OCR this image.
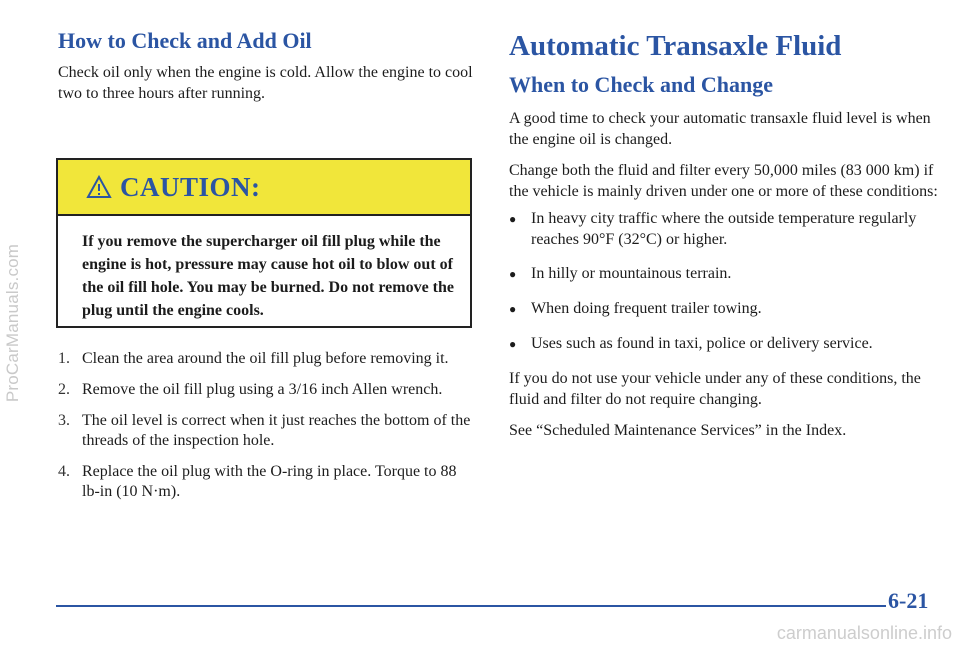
ProCarManuals.com
How to Check and Add Oil

Check oil only when the engine is cold. Allow the engine to cool two to three hours after running.

CAUTION:
If you remove the supercharger oil fill plug while the engine is hot, pressure may cause hot oil to blow out of the oil fill hole. You may be burned. Do not remove the plug until the engine cools.
1. Clean the area around the oil fill plug before removing it.
2. Remove the oil fill plug using a 3/16 inch Allen wrench.
3. The oil level is correct when it just reaches the bottom of the threads of the inspection hole.
4. Replace the oil plug with the O-ring in place. Torque to 88 lb-in (10 N·m).
Automatic Transaxle Fluid
When to Check and Change

A good time to check your automatic transaxle fluid level is when the engine oil is changed.

Change both the fluid and filter every 50,000 miles (83 000 km) if the vehicle is mainly driven under one or more of these conditions:

● In heavy city traffic where the outside temperature regularly reaches 90°F (32°C) or higher.
● In hilly or mountainous terrain.
● When doing frequent trailer towing.
● Uses such as found in taxi, police or delivery service.

If you do not use your vehicle under any of these conditions, the fluid and filter do not require changing.

See “Scheduled Maintenance Services” in the Index.

6-21
carmanualsonline.info
